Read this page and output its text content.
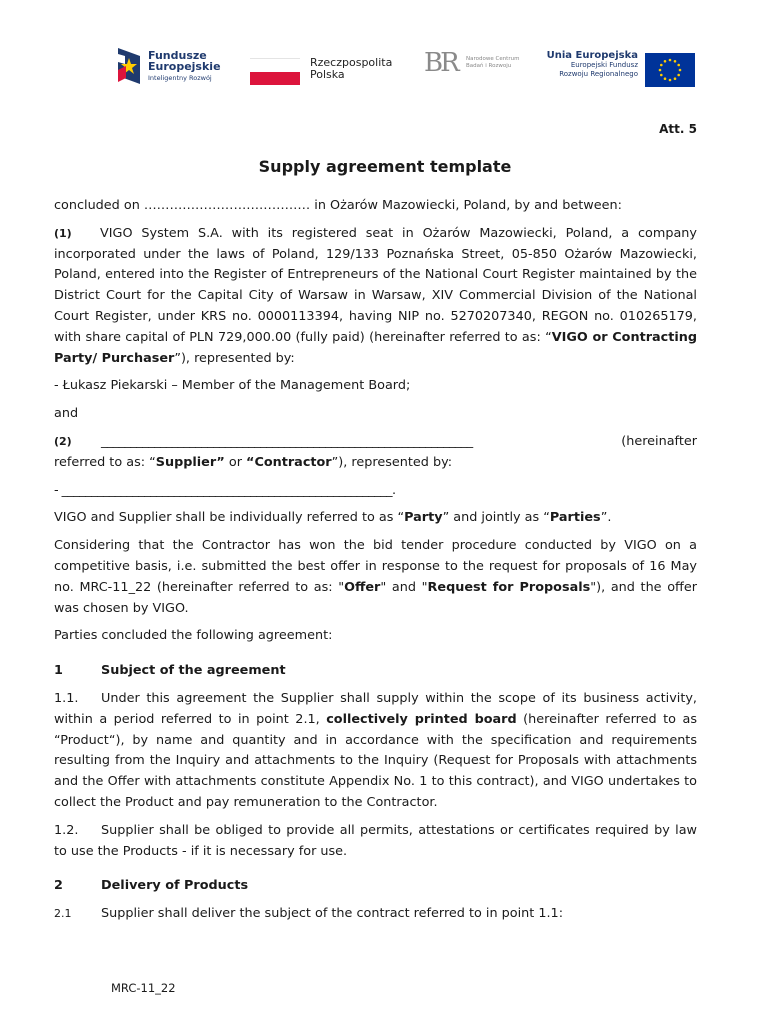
Fundusze
Europejskie
Inteligentny Rozwój
Rzeczpospolita
Polska	BR Narodowe Centrum
Badań i Rozwoju
Unia Europejska
Europejski Fundusz
Rozwoju Regionalnego
Att. 5
Supply agreement template

concluded on ………………………………… in Ożarów Mazowiecki, Poland, by and between:

(1) VIGO System S.A. with its registered seat in Ożarów Mazowiecki, Poland, a company incorporated under the laws of Poland, 129/133 Poznańska Street, 05-850 Ożarów Mazowiecki, Poland, entered into the Register of Entrepreneurs of the National Court Register maintained by the District Court for the Capital City of Warsaw in Warsaw, XIV Commercial Division of the National Court Register, under KRS no. 0000113394, having NIP no. 5270207340, REGON no. 010265179, with share capital of PLN 729,000.00 (fully paid) (hereinafter referred to as: “VIGO or Contracting Party/ Purchaser”), represented by:

- Łukasz Piekarski – Member of the Management Board;

and

(2)	_______________________________________________________________	(hereinafter

referred to as: “Supplier” or “Contractor”), represented by:

- ________________________________________________________.

VIGO and Supplier shall be individually referred to as “Party” and jointly as “Parties”.

Considering that the Contractor has won the bid tender procedure conducted by VIGO on a competitive basis, i.e. submitted the best offer in response to the request for proposals of 16 May no. MRC-11_22 (hereinafter referred to as: "Offer" and "Request for Proposals"), and the offer was chosen by VIGO.

Parties concluded the following agreement:

1	Subject of the agreement

1.1. Under this agreement the Supplier shall supply within the scope of its business activity, within a period referred to in point 2.1, collectively printed board (hereinafter referred to as “Product“), by name and quantity and in accordance with the specification and requirements resulting from the Inquiry and attachments to the Inquiry (Request for Proposals with attachments and the Offer with attachments constitute Appendix No. 1 to this contract), and VIGO undertakes to collect the Product and pay remuneration to the Contractor.

1.2. Supplier shall be obliged to provide all permits, attestations or certificates required by law to use the Products - if it is necessary for use.

2	Delivery of Products

2.1 Supplier shall deliver the subject of the contract referred to in point 1.1:

MRC-11_22
